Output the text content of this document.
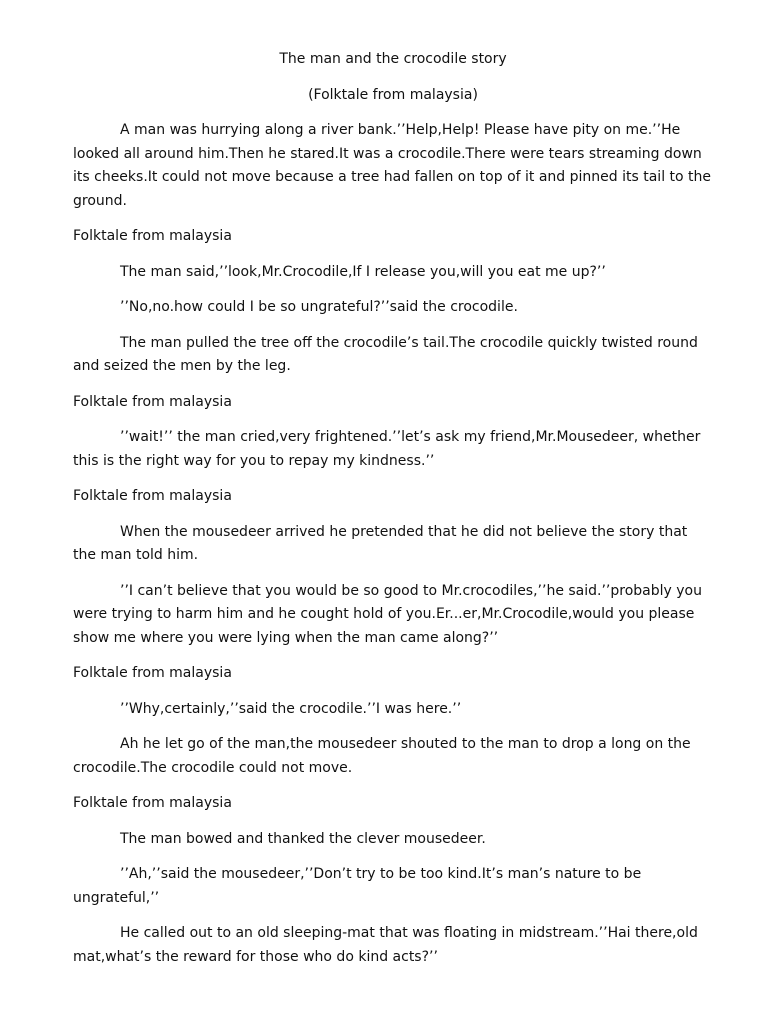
The man and the crocodile story

(Folktale from malaysia)

A man was hurrying along a river bank.’’Help,Help! Please have pity on me.’’He looked all around him.Then he stared.It was a crocodile.There were tears streaming down its cheeks.It could not move because a tree had fallen on top of it and pinned its tail to the ground.

Folktale from malaysia

The man said,’’look,Mr.Crocodile,If I release you,will you eat me up?’’

’’No,no.how could I be so ungrateful?’’said the crocodile.

The man pulled the tree off the crocodile’s tail.The crocodile quickly twisted round and seized the men by the leg.

Folktale from malaysia

’’wait!’’ the man cried,very frightened.’’let’s ask my friend,Mr.Mousedeer, whether this is the right way for you to repay my kindness.’’

Folktale from malaysia

When the mousedeer arrived he pretended that he did not believe the story that the man told him.

’’I can’t believe that you would be so good to Mr.crocodiles,’’he said.’’probably you were trying to harm him and he cought hold of you.Er...er,Mr.Crocodile,would you please show me where you were lying when the man came along?’’

Folktale from malaysia

’’Why,certainly,’’said the crocodile.’’I was here.’’

Ah he let go of the man,the mousedeer shouted to the man to drop a long on the crocodile.The crocodile could not move.

Folktale from malaysia

The man bowed and thanked the clever mousedeer.

’’Ah,’’said the mousedeer,’’Don’t try to be too kind.It’s man’s nature to be ungrateful,’’

He called out to an old sleeping-mat that was floating in midstream.’’Hai there,old mat,what’s the reward for those who do kind acts?’’
